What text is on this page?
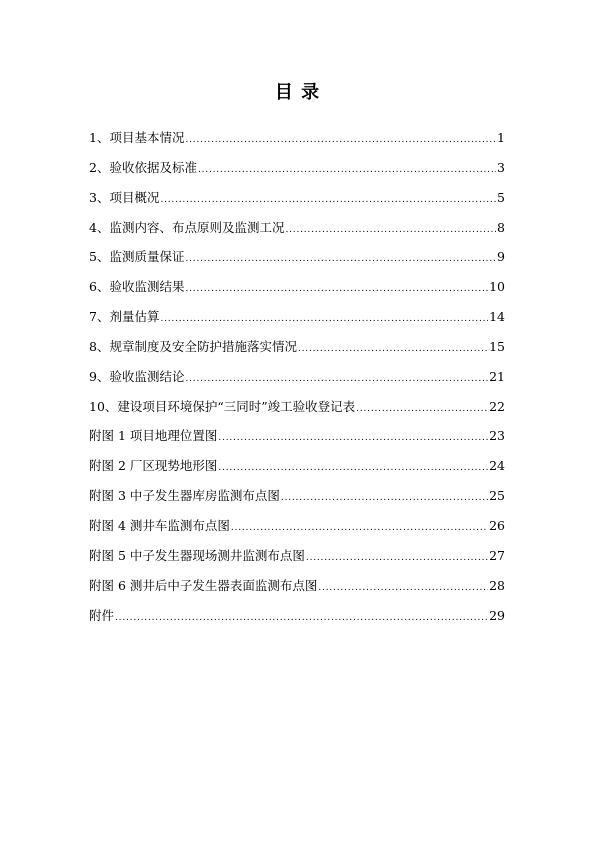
目 录
1、项目基本情况 .....	1
2、验收依据及标准 .....	3
3、项目概况 .....	5
4、监测内容、布点原则及监测工况 .....	8
5、监测质量保证 .....	9
6、验收监测结果 .....	10
7、剂量估算 .....	14
8、规章制度及安全防护措施落实情况 .....	15
9、验收监测结论 .....	21
10、建设项目环境保护“三同时”竣工验收登记表 .....	22
附图 1 项目地理位置图 .....	23
附图 2 厂区现势地形图 .....	24
附图 3 中子发生器库房监测布点图 .....	25
附图 4 测井车监测布点图 .....	26
附图 5 中子发生器现场测井监测布点图 .....	27
附图 6 测井后中子发生器表面监测布点图 .....	28
附件 .....	29
